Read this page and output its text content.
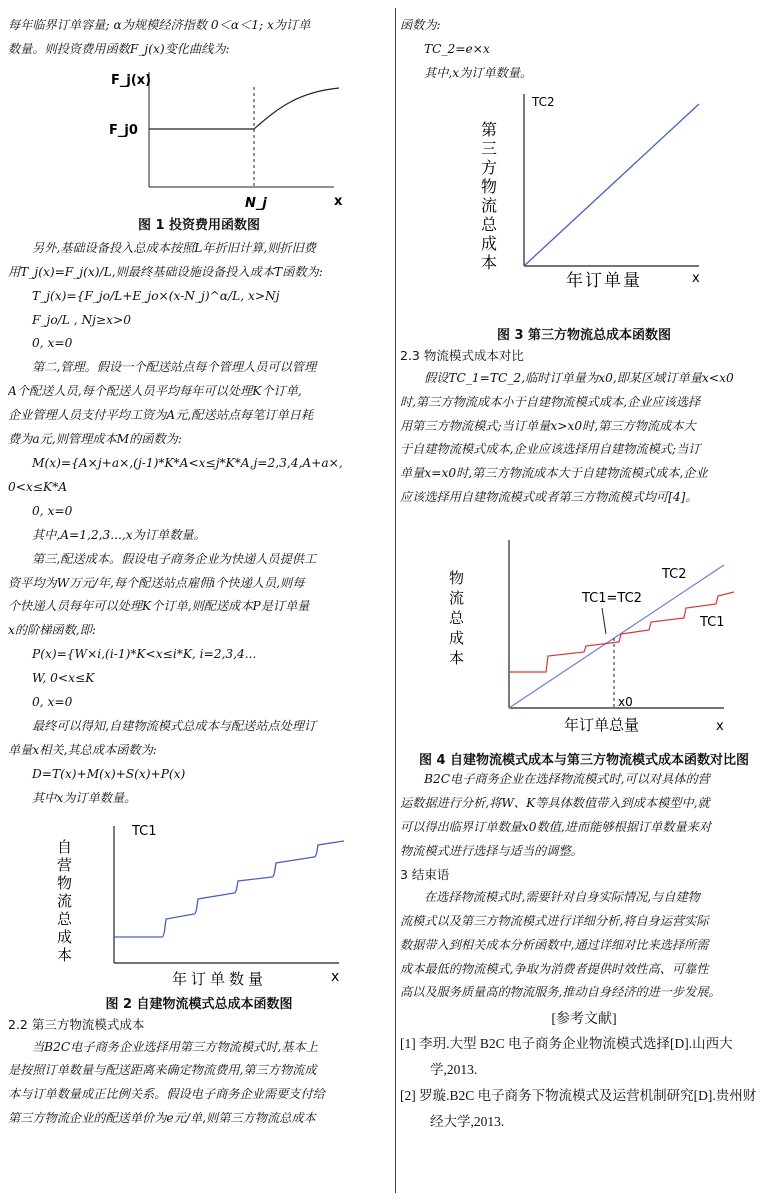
每年临界订单容量; α为规模经济指数 0＜α＜1; x为订单

数量。则投资费用函数F_j(x)变化曲线为:

F_j(x)
F_j0
N_j	x

图 1 投资费用函数图

另外,基础设备投入总成本按照L年折旧计算,则折旧费

用T_j(x)=F_j(x)/L,则最终基础设施设备投入成本T函数为:

T_j(x)={F_jo/L+E_jo×(x-N_j)^α/L, x>Nj

F_jo/L , Nj≥x>0

0, x=0

第二,管理。假设一个配送站点每个管理人员可以管理

A个配送人员,每个配送人员平均每年可以处理K个订单,

企业管理人员支付平均工资为A元,配送站点每笔订单日耗

费为a元,则管理成本M的函数为:

M(x)={A×j+a×,(j-1)*K*A<x≤j*K*A,j=2,3,4,A+a×,

0<x≤K*A

0, x=0

其中,A=1,2,3...,x为订单数量。

第三,配送成本。假设电子商务企业为快递人员提供工

资平均为W万元/年,每个配送站点雇佣i个快递人员,则每

个快递人员每年可以处理K个订单,则配送成本P是订单量

x的阶梯函数,即:

P(x)={W×i,(i-1)*K<x≤i*K, i=2,3,4...

W, 0<x≤K

0, x=0

最终可以得知,自建物流模式总成本与配送站点处理订

单量x相关,其总成本函数为:

D=T(x)+M(x)+S(x)+P(x)

其中x为订单数量。

TC1
自营物流总成本
年订单数量	x

图 2 自建物流模式总成本函数图

2.2 第三方物流模式成本

当B2C电子商务企业选择用第三方物流模式时,基本上

是按照订单数量与配送距离来确定物流费用,第三方物流成

本与订单数量成正比例关系。假设电子商务企业需要支付给

第三方物流企业的配送单价为e元/单,则第三方物流总成本

函数为:

TC_2=e×x

其中,x为订单数量。

TC2
第三方物流总成本
年订单量	x

图 3 第三方物流总成本函数图

2.3 物流模式成本对比

假设TC_1=TC_2,临时订单量为x0,即某区域订单量x<x0

时,第三方物流成本小于自建物流模式成本,企业应该选择

用第三方物流模式;当订单量x>x0时,第三方物流成本大

于自建物流模式成本,企业应该选择用自建物流模式;当订

单量x=x0时,第三方物流成本大于自建物流模式成本,企业

应该选择用自建物流模式或者第三方物流模式均可[4]。

物流总成本	TC2
TC1
TC1=TC2
x0
年订单总量	x

图 4 自建物流模式成本与第三方物流模式成本函数对比图

B2C电子商务企业在选择物流模式时,可以对具体的营

运数据进行分析,将W、K等具体数值带入到成本模型中,就

可以得出临界订单数量x0数值,进而能够根据订单数量来对

物流模式进行选择与适当的调整。

3 结束语

在选择物流模式时,需要针对自身实际情况,与自建物

流模式以及第三方物流模式进行详细分析,将自身运营实际

数据带入到相关成本分析函数中,通过详细对比来选择所需

成本最低的物流模式,争取为消费者提供时效性高、可靠性

高以及服务质量高的物流服务,推动自身经济的进一步发展。

[参考文献]

[1] 李玥.大型 B2C 电子商务企业物流模式选择[D].山西大学,2013.

[2] 罗璇.B2C 电子商务下物流模式及运营机制研究[D].贵州财经大学,2013.
